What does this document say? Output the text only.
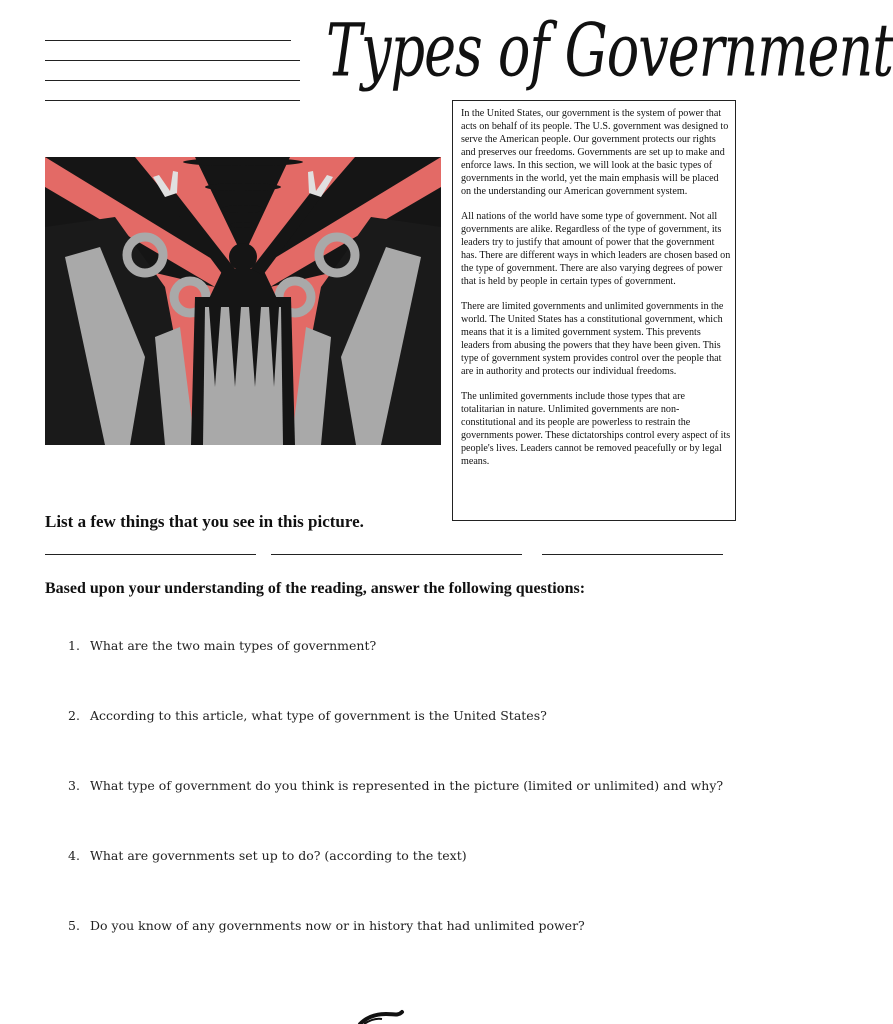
Types of Government

In the United States, our government is the system of power that acts on behalf of its people. The U.S. government was designed to serve the American people. Our government protects our rights and preserves our freedoms. Governments are set up to make and enforce laws. In this section, we will look at the basic types of governments in the world, yet the main emphasis will be placed on the understanding our American government system.

All nations of the world have some type of government. Not all governments are alike. Regardless of the type of government, its leaders try to justify that amount of power that the government has. There are different ways in which leaders are chosen based on the type of government. There are also varying degrees of power that is held by people in certain types of government.

There are limited governments and unlimited governments in the world. The United States has a constitutional government, which means that it is a limited government system. This prevents leaders from abusing the powers that they have been given. This type of government system provides control over the people that are in authority and protects our individual freedoms.

The unlimited governments include those types that are totalitarian in nature. Unlimited governments are non-constitutional and its people are powerless to restrain the governments power. These dictatorships control every aspect of its people's lives. Leaders cannot be removed peacefully or by legal means.

List a few things that you see in this picture.
Based upon your understanding of the reading, answer the following questions:
1. What are the two main types of government?
2. According to this article, what type of government is the United States?
3. What type of government do you think is represented in the picture (limited or unlimited) and why?
4. What are governments set up to do? (according to the text)
5. Do you know of any governments now or in history that had unlimited power?
